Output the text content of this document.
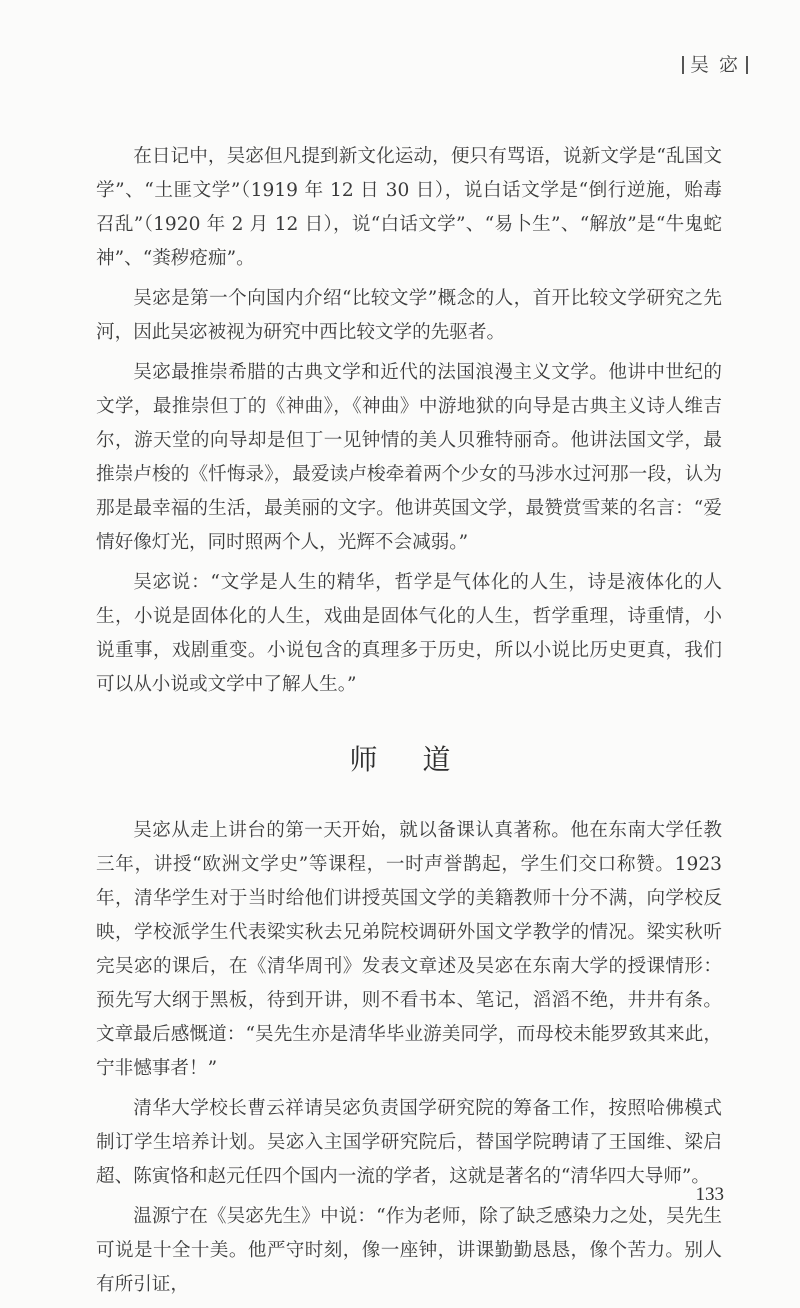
吴 宓

在日记中，吴宓但凡提到新文化运动，便只有骂语，说新文学是“乱国文学”、“土匪文学”（1919 年 12 日 30 日），说白话文学是“倒行逆施，贻毒召乱”（1920 年 2 月 12 日），说“白话文学”、“易卜生”、“解放”是“牛鬼蛇神”、“粪秽疮痂”。

吴宓是第一个向国内介绍“比较文学”概念的人，首开比较文学研究之先河，因此吴宓被视为研究中西比较文学的先驱者。

吴宓最推崇希腊的古典文学和近代的法国浪漫主义文学。他讲中世纪的文学，最推崇但丁的《神曲》，《神曲》中游地狱的向导是古典主义诗人维吉尔，游天堂的向导却是但丁一见钟情的美人贝雅特丽奇。他讲法国文学，最推崇卢梭的《忏悔录》，最爱读卢梭牵着两个少女的马涉水过河那一段，认为那是最幸福的生活，最美丽的文字。他讲英国文学，最赞赏雪莱的名言：“爱情好像灯光，同时照两个人，光辉不会减弱。”

吴宓说：“文学是人生的精华，哲学是气体化的人生，诗是液体化的人生，小说是固体化的人生，戏曲是固体气化的人生，哲学重理，诗重情，小说重事，戏剧重变。小说包含的真理多于历史，所以小说比历史更真，我们可以从小说或文学中了解人生。”

师 道

吴宓从走上讲台的第一天开始，就以备课认真著称。他在东南大学任教三年，讲授“欧洲文学史”等课程，一时声誉鹊起，学生们交口称赞。1923 年，清华学生对于当时给他们讲授英国文学的美籍教师十分不满，向学校反映，学校派学生代表梁实秋去兄弟院校调研外国文学教学的情况。梁实秋听完吴宓的课后，在《清华周刊》发表文章述及吴宓在东南大学的授课情形：预先写大纲于黑板，待到开讲，则不看书本、笔记，滔滔不绝，井井有条。文章最后感慨道：“吴先生亦是清华毕业游美同学，而母校未能罗致其来此，宁非憾事者！”

清华大学校长曹云祥请吴宓负责国学研究院的筹备工作，按照哈佛模式制订学生培养计划。吴宓入主国学研究院后，替国学院聘请了王国维、梁启超、陈寅恪和赵元任四个国内一流的学者，这就是著名的“清华四大导师”。

温源宁在《吴宓先生》中说：“作为老师，除了缺乏感染力之处，吴先生可说是十全十美。他严守时刻，像一座钟，讲课勤勤恳恳，像个苦力。别人有所引证，

133
